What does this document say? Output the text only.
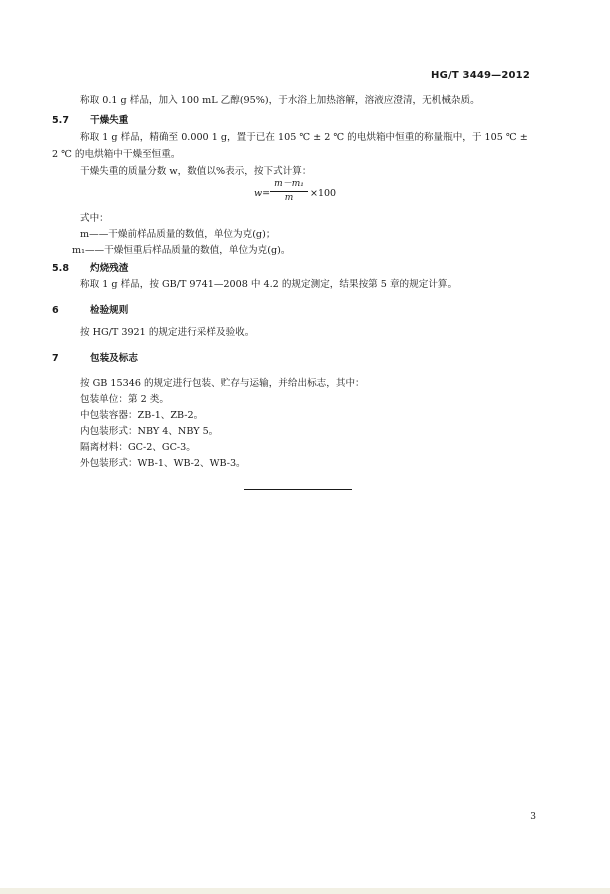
HG/T 3449—2012
称取 0.1 g 样品，加入 100 mL 乙醇(95%)，于水浴上加热溶解，溶液应澄清，无机械杂质。
5.7 干燥失重
称取 1 g 样品，精确至 0.000 1 g，置于已在 105 ℃ ± 2 ℃ 的电烘箱中恒重的称量瓶中，于 105 ℃ ±
2 ℃ 的电烘箱中干燥至恒重。
干燥失重的质量分数 w，数值以%表示，按下式计算：
w=
m－m₁
m	×100
式中：
m——干燥前样品质量的数值，单位为克(g)；
m₁——干燥恒重后样品质量的数值，单位为克(g)。
5.8 灼烧残渣
称取 1 g 样品，按 GB/T 9741—2008 中 4.2 的规定测定，结果按第 5 章的规定计算。
6	检验规则
按 HG/T 3921 的规定进行采样及验收。
7	包装及标志
按 GB 15346 的规定进行包装、贮存与运输，并给出标志，其中：
包装单位：第 2 类。
中包装容器：ZB-1、ZB-2。
内包装形式：NBY 4、NBY 5。
隔离材料：GC-2、GC-3。
外包装形式：WB-1、WB-2、WB-3。
3
